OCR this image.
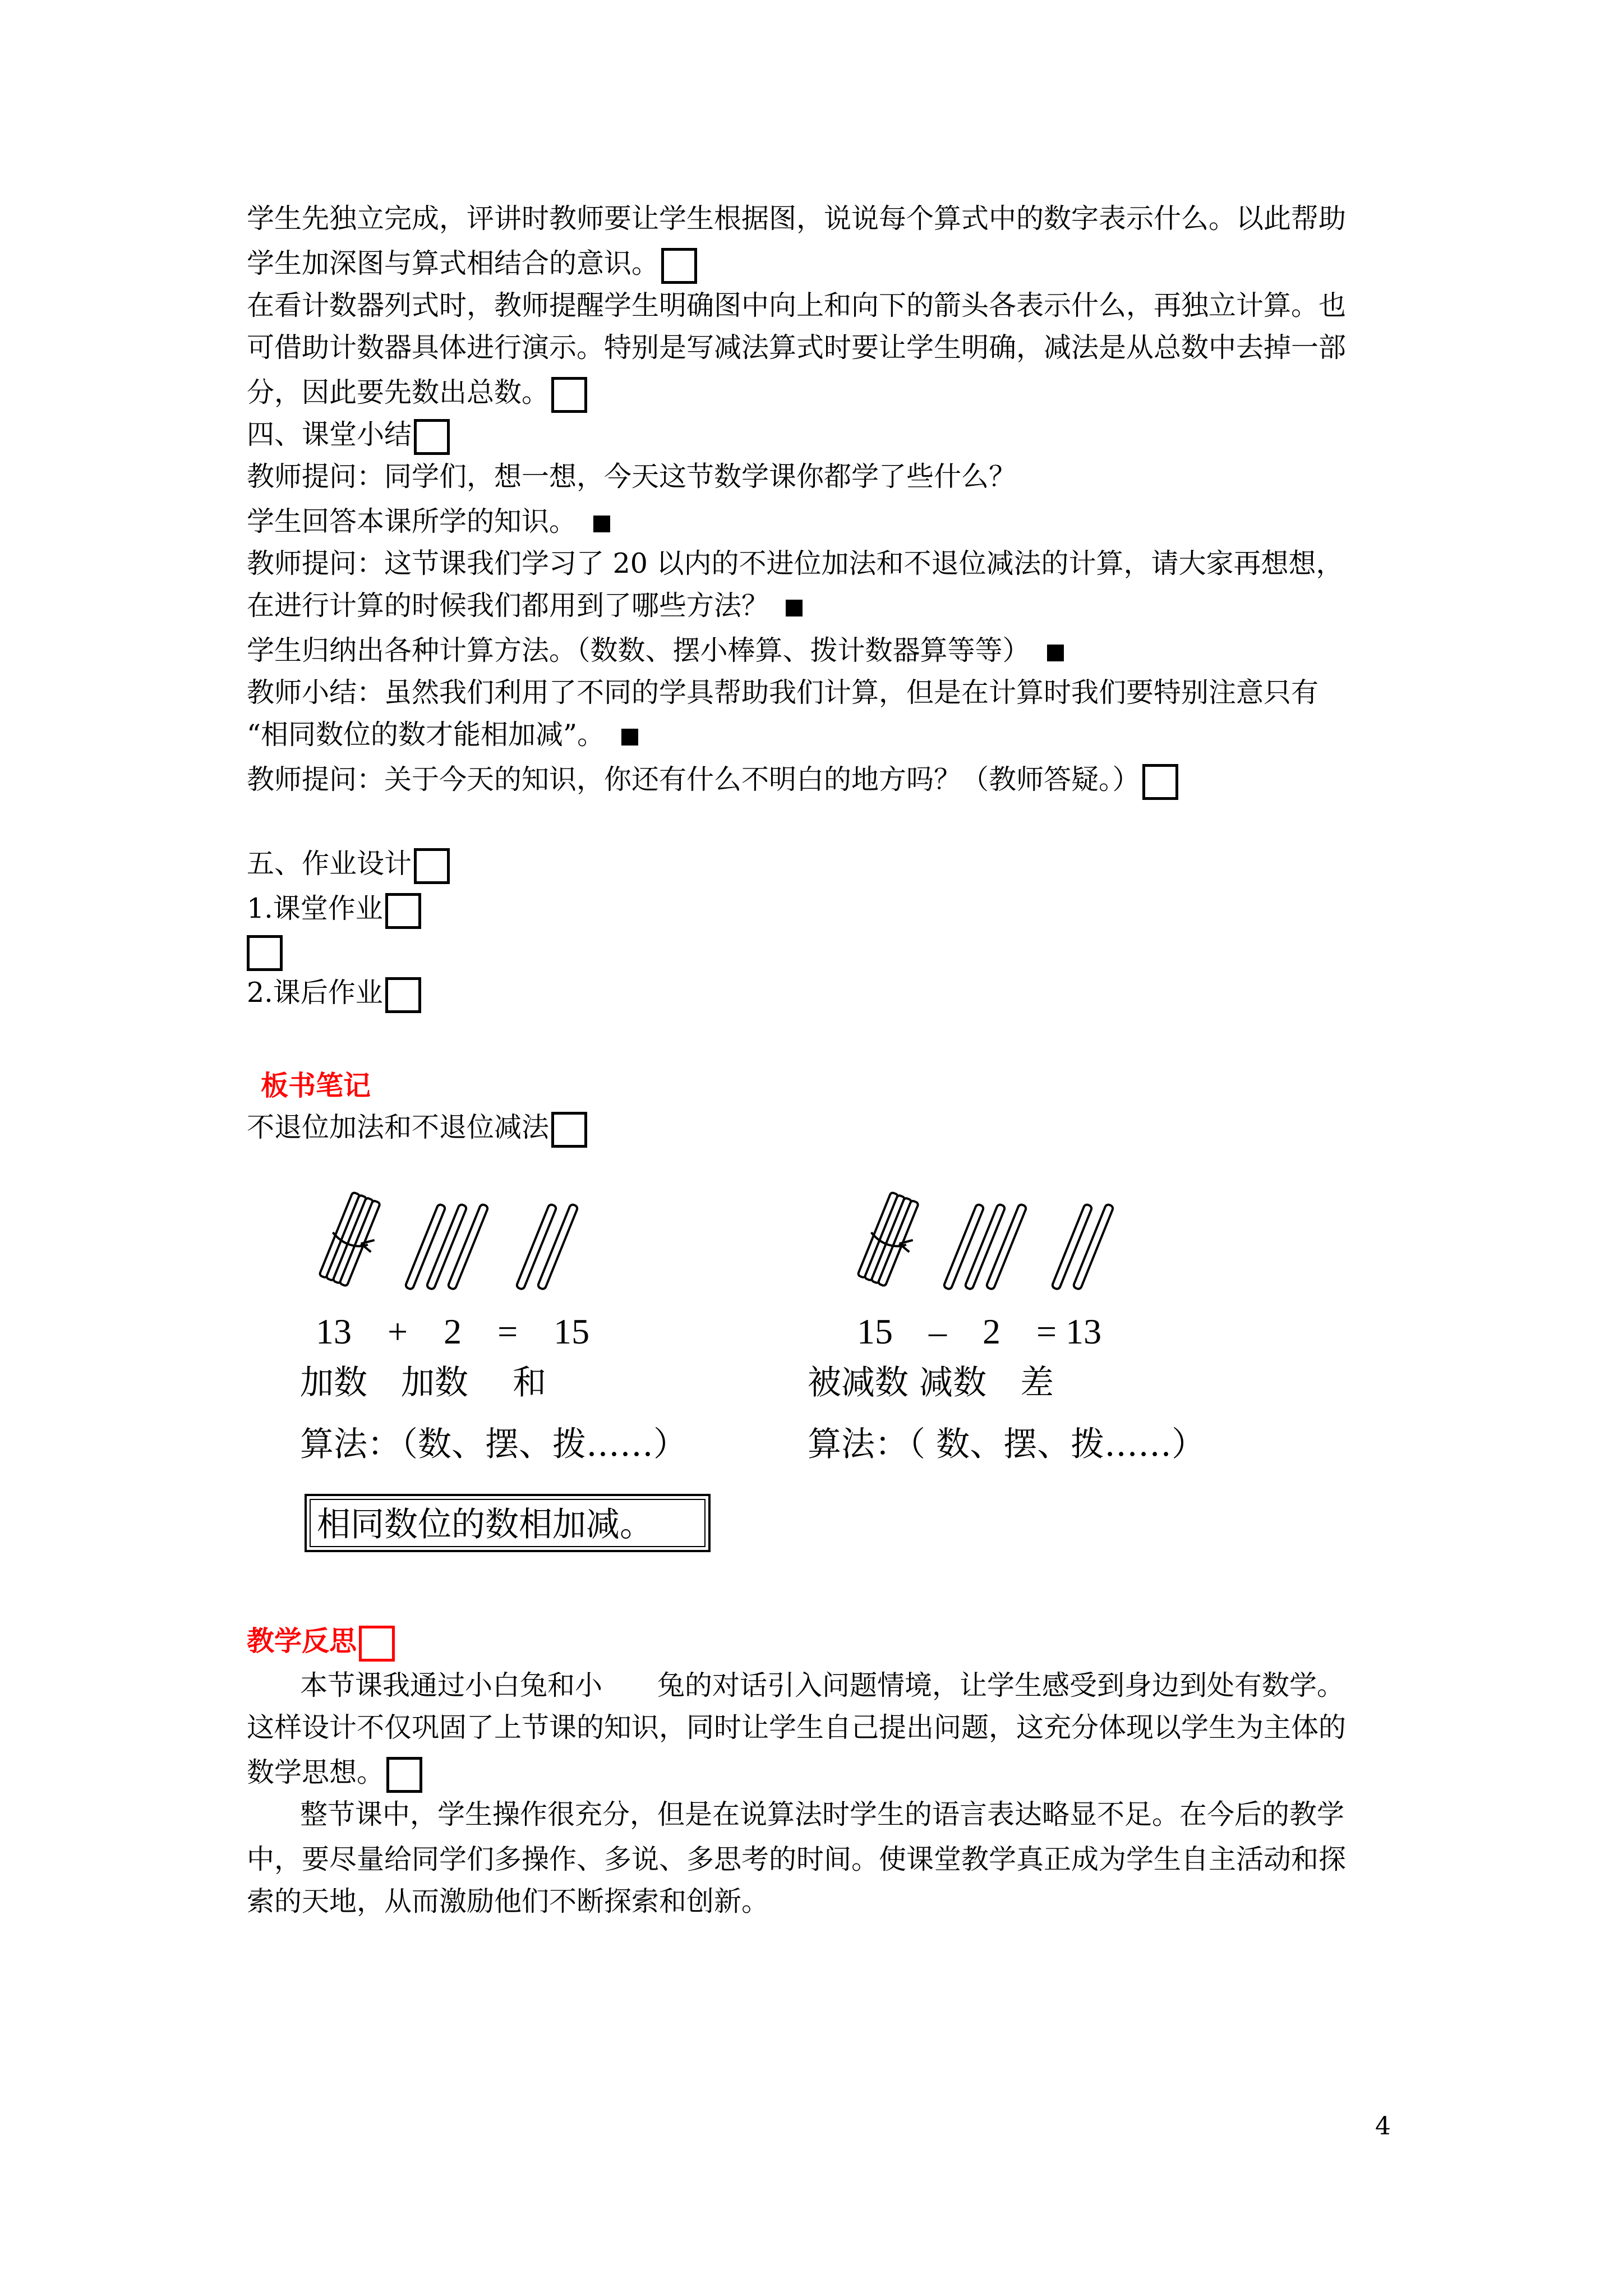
学生先独立完成，评讲时教师要让学生根据图，说说每个算式中的数字表示什么。以此帮助
学生加深图与算式相结合的意识。
在看计数器列式时，教师提醒学生明确图中向上和向下的箭头各表示什么，再独立计算。也
可借助计数器具体进行演示。特别是写减法算式时要让学生明确，减法是从总数中去掉一部
分，因此要先数出总数。
四、课堂小结
教师提问：同学们，想一想，今天这节数学课你都学了些什么？
学生回答本课所学的知识。
教师提问：这节课我们学习了 20 以内的不进位加法和不退位减法的计算，请大家再想想，
在进行计算的时候我们都用到了哪些方法？
学生归纳出各种计算方法。（数数、摆小棒算、拨计数器算等等）
教师小结：虽然我们利用了不同的学具帮助我们计算，但是在计算时我们要特别注意只有
“相同数位的数才能相加减”。
教师提问：关于今天的知识，你还有什么不明白的地方吗？（教师答疑。）
五、作业设计
1.课堂作业
2.课后作业
板书笔记
不退位加法和不退位减法
13　+　2　=　15	15　–　2　= 13
加数　加数　 和	被减数 减数　差
算法：（数、摆、拨……）	算法：（ 数、摆、拨……）
相同数位的数相加减。
教学反思
本节课我通过小白兔和小　　兔的对话引入问题情境，让学生感受到身边到处有数学。
这样设计不仅巩固了上节课的知识，同时让学生自己提出问题，这充分体现以学生为主体的
数学思想。
整节课中，学生操作很充分，但是在说算法时学生的语言表达略显不足。在今后的教学
中，要尽量给同学们多操作、多说、多思考的时间。使课堂教学真正成为学生自主活动和探
索的天地，从而激励他们不断探索和创新。
4
